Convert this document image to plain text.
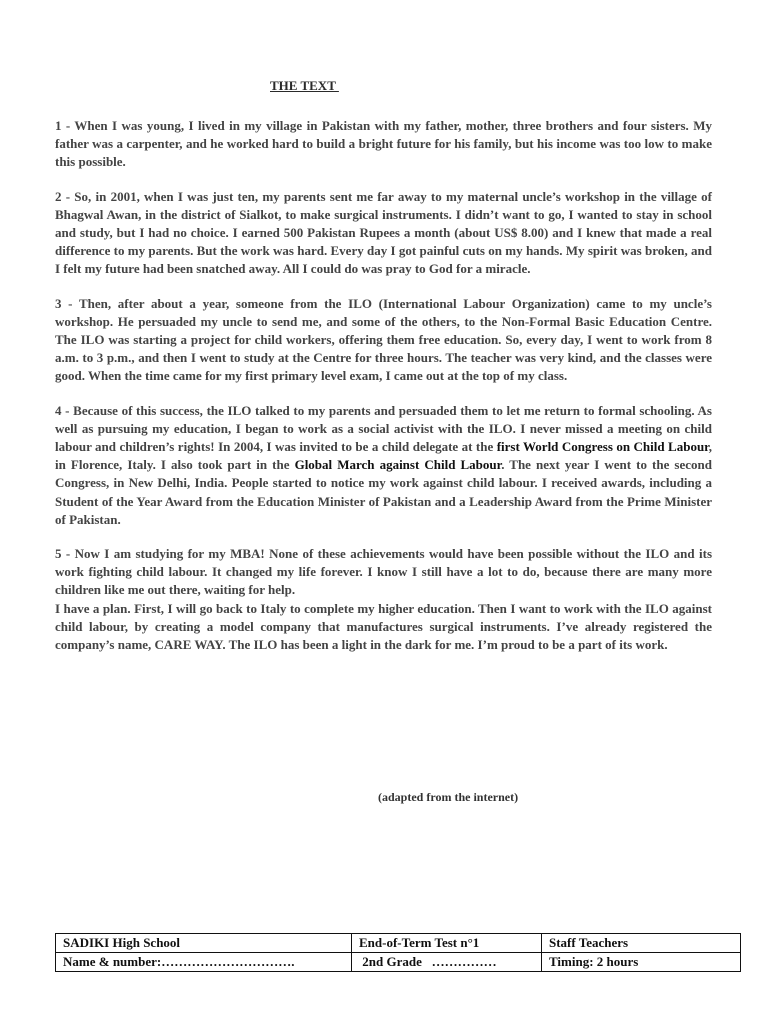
THE TEXT

1 - When I was young, I lived in my village in Pakistan with my father, mother, three brothers and four sisters. My father was a carpenter, and he worked hard to build a bright future for his family, but his income was too low to make this possible.

2 - So, in 2001, when I was just ten, my parents sent me far away to my maternal uncle’s workshop in the village of Bhagwal Awan, in the district of Sialkot, to make surgical instruments. I didn’t want to go, I wanted to stay in school and study, but I had no choice. I earned 500 Pakistan Rupees a month (about US$ 8.00) and I knew that made a real difference to my parents. But the work was hard. Every day I got painful cuts on my hands. My spirit was broken, and I felt my future had been snatched away. All I could do was pray to God for a miracle.

3 - Then, after about a year, someone from the ILO (International Labour Organization) came to my uncle’s workshop. He persuaded my uncle to send me, and some of the others, to the Non-Formal Basic Education Centre. The ILO was starting a project for child workers, offering them free education. So, every day, I went to work from 8 a.m. to 3 p.m., and then I went to study at the Centre for three hours. The teacher was very kind, and the classes were good. When the time came for my first primary level exam, I came out at the top of my class.

4 - Because of this success, the ILO talked to my parents and persuaded them to let me return to formal schooling. As well as pursuing my education, I began to work as a social activist with the ILO. I never missed a meeting on child labour and children’s rights! In 2004, I was invited to be a child delegate at the first World Congress on Child Labour, in Florence, Italy. I also took part in the Global March against Child Labour. The next year I went to the second Congress, in New Delhi, India. People started to notice my work against child labour. I received awards, including a Student of the Year Award from the Education Minister of Pakistan and a Leadership Award from the Prime Minister of Pakistan.

5 - Now I am studying for my MBA! None of these achievements would have been possible without the ILO and its work fighting child labour. It changed my life forever. I know I still have a lot to do, because there are many more children like me out there, waiting for help.

I have a plan. First, I will go back to Italy to complete my higher education. Then I want to work with the ILO against child labour, by creating a model company that manufactures surgical instruments. I’ve already registered the company’s name, CARE WAY. The ILO has been a light in the dark for me. I’m proud to be a part of its work.

(adapted from the internet)
SADIKI High School	End-of-Term Test n°1	Staff Teachers
Name & number:………………………….	2nd Grade   ……………	Timing: 2 hours
